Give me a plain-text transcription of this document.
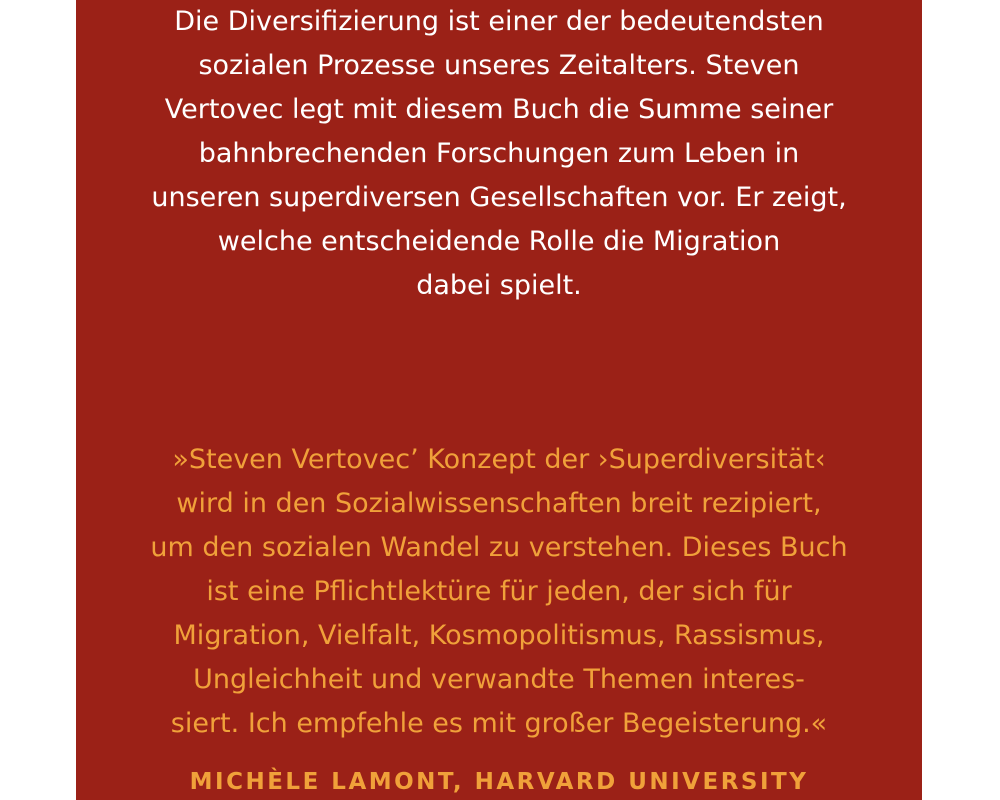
Die Diversifizierung ist einer der bedeutendsten
sozialen Prozesse unseres Zeitalters. Steven
Vertovec legt mit diesem Buch die Summe seiner
bahnbrechenden Forschungen zum Leben in
unseren superdiversen Gesellschaften vor. Er zeigt,
welche entscheidende Rolle die Migration
dabei spielt.

»Steven Vertovec’ Konzept der ›Superdiversität‹
wird in den Sozialwissenschaften breit rezipiert,
um den sozialen Wandel zu verstehen. Dieses Buch
ist eine Pflichtlektüre für jeden, der sich für
Migration, Vielfalt, Kosmopolitismus, Rassismus,
Ungleichheit und verwandte Themen interes-
siert. Ich empfehle es mit großer Begeisterung.«

MICHÈLE LAMONT, HARVARD UNIVERSITY
